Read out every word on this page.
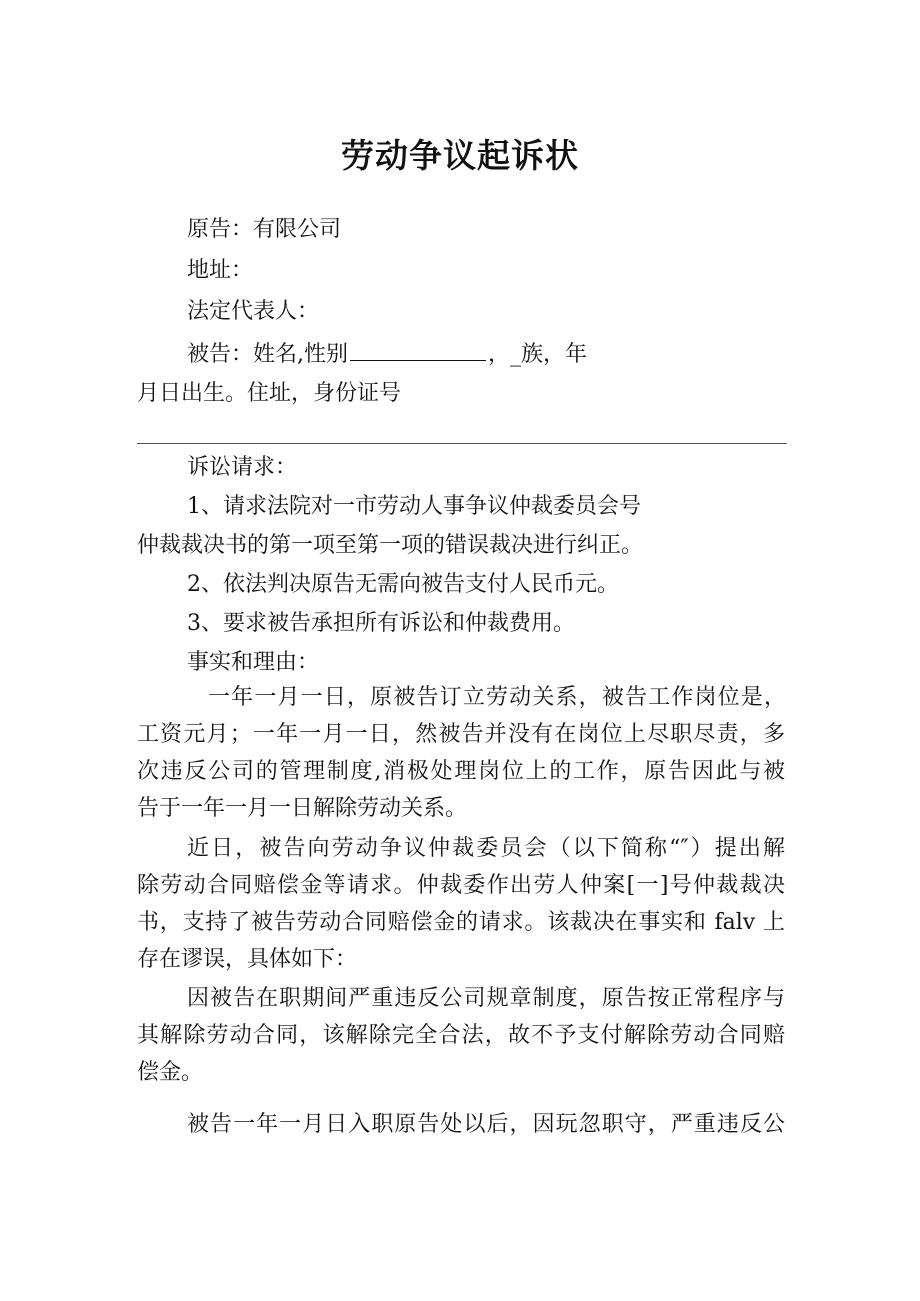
劳动争议起诉状
原告：有限公司
地址：
法定代表人：
被告：姓名,性别	，_族，年
月日出生。住址，身份证号
诉讼请求：
1、请求法院对一市劳动人事争议仲裁委员会号
仲裁裁决书的第一项至第一项的错误裁决进行纠正。
2、依法判决原告无需向被告支付人民币元。
3、要求被告承担所有诉讼和仲裁费用。
事实和理由：
一年一月一日，原被告订立劳动关系，被告工作岗位是，
工资元月；一年一月一日，然被告并没有在岗位上尽职尽责，多
次违反公司的管理制度,消极处理岗位上的工作，原告因此与被
告于一年一月一日解除劳动关系。
近日，被告向劳动争议仲裁委员会（以下简称“″）提出解
除劳动合同赔偿金等请求。仲裁委作出劳人仲案[一]号仲裁裁决
书，支持了被告劳动合同赔偿金的请求。该裁决在事实和 falv 上
存在谬误，具体如下：
因被告在职期间严重违反公司规章制度，原告按正常程序与
其解除劳动合同，该解除完全合法，故不予支付解除劳动合同赔
偿金。
被告一年一月日入职原告处以后，因玩忽职守，严重违反公
